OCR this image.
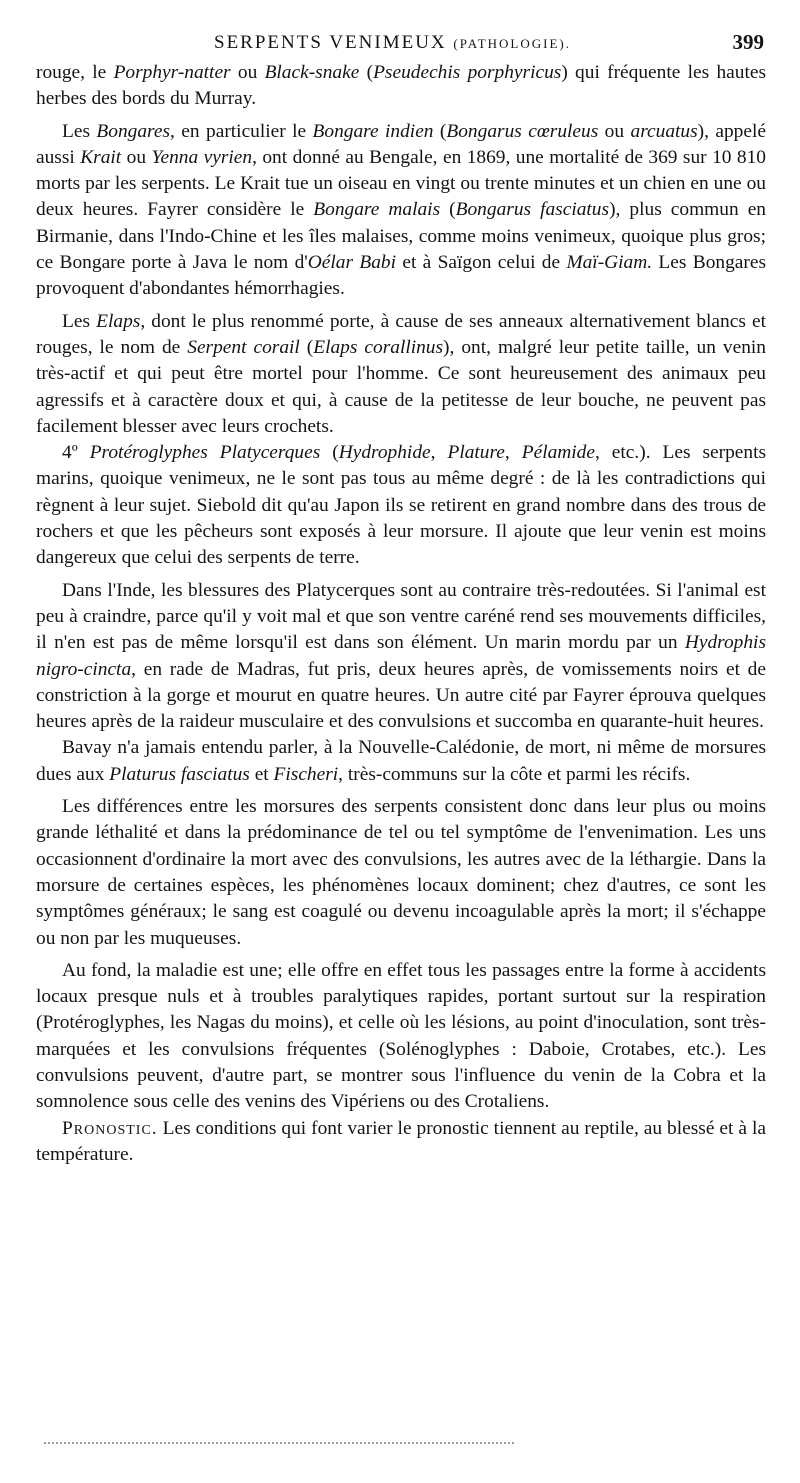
SERPENTS VENIMEUX (PATHOLOGIE).	399

rouge, le Porphyr-natter ou Black-snake (Pseudechis porphyricus) qui fréquente les hautes herbes des bords du Murray.

Les Bongares, en particulier le Bongare indien (Bongarus cœruleus ou arcuatus), appelé aussi Krait ou Yenna vyrien, ont donné au Bengale, en 1869, une mortalité de 369 sur 10 810 morts par les serpents. Le Krait tue un oiseau en vingt ou trente minutes et un chien en une ou deux heures. Fayrer considère le Bongare malais (Bongarus fasciatus), plus commun en Birmanie, dans l'Indo-Chine et les îles malaises, comme moins venimeux, quoique plus gros; ce Bongare porte à Java le nom d'Oélar Babi et à Saïgon celui de Maï-Giam. Les Bongares provoquent d'abondantes hémorrhagies.

Les Elaps, dont le plus renommé porte, à cause de ses anneaux alternativement blancs et rouges, le nom de Serpent corail (Elaps corallinus), ont, malgré leur petite taille, un venin très-actif et qui peut être mortel pour l'homme. Ce sont heureusement des animaux peu agressifs et à caractère doux et qui, à cause de la petitesse de leur bouche, ne peuvent pas facilement blesser avec leurs crochets.

4º Protéroglyphes Platycerques (Hydrophide, Plature, Pélamide, etc.). Les serpents marins, quoique venimeux, ne le sont pas tous au même degré : de là les contradictions qui règnent à leur sujet. Siebold dit qu'au Japon ils se retirent en grand nombre dans des trous de rochers et que les pêcheurs sont exposés à leur morsure. Il ajoute que leur venin est moins dangereux que celui des serpents de terre.

Dans l'Inde, les blessures des Platycerques sont au contraire très-redoutées. Si l'animal est peu à craindre, parce qu'il y voit mal et que son ventre caréné rend ses mouvements difficiles, il n'en est pas de même lorsqu'il est dans son élément. Un marin mordu par un Hydrophis nigro-cincta, en rade de Madras, fut pris, deux heures après, de vomissements noirs et de constriction à la gorge et mourut en quatre heures. Un autre cité par Fayrer éprouva quelques heures après de la raideur musculaire et des convulsions et succomba en quarante-huit heures.

Bavay n'a jamais entendu parler, à la Nouvelle-Calédonie, de mort, ni même de morsures dues aux Platurus fasciatus et Fischeri, très-communs sur la côte et parmi les récifs.

Les différences entre les morsures des serpents consistent donc dans leur plus ou moins grande léthalité et dans la prédominance de tel ou tel symptôme de l'envenimation. Les uns occasionnent d'ordinaire la mort avec des convulsions, les autres avec de la léthargie. Dans la morsure de certaines espèces, les phénomènes locaux dominent; chez d'autres, ce sont les symptômes généraux; le sang est coagulé ou devenu incoagulable après la mort; il s'échappe ou non par les muqueuses.

Au fond, la maladie est une; elle offre en effet tous les passages entre la forme à accidents locaux presque nuls et à troubles paralytiques rapides, portant surtout sur la respiration (Protéroglyphes, les Nagas du moins), et celle où les lésions, au point d'inoculation, sont très-marquées et les convulsions fréquentes (Solénoglyphes : Daboie, Crotabes, etc.). Les convulsions peuvent, d'autre part, se montrer sous l'influence du venin de la Cobra et la somnolence sous celle des venins des Vipériens ou des Crotaliens.

Pronostic. Les conditions qui font varier le pronostic tiennent au reptile, au blessé et à la température.
